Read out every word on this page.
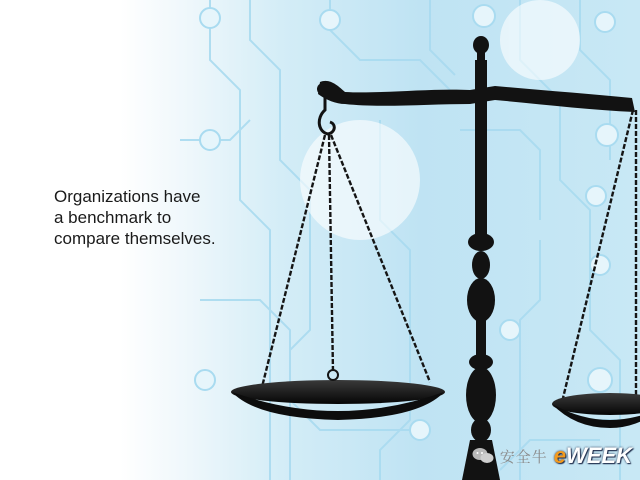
Organizations have
a benchmark to
compare themselves.
安全牛 eWEEK
